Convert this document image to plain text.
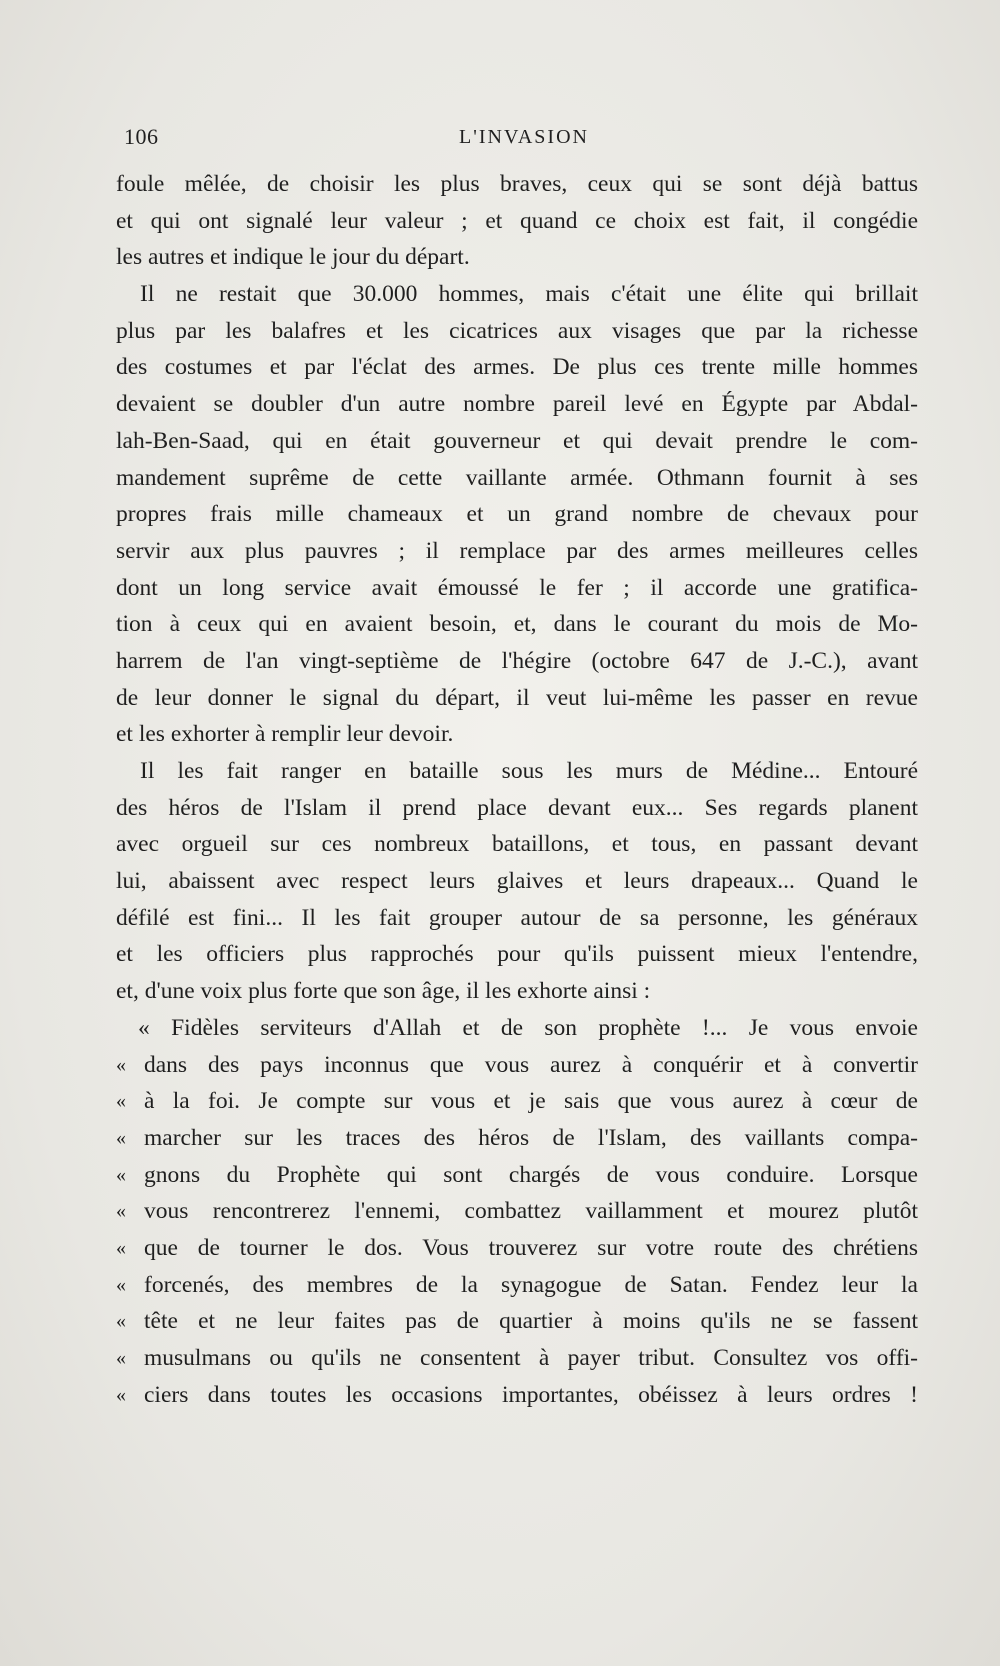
106	L'INVASION
foule mêlée, de choisir les plus braves, ceux qui se sont déjà battus
et qui ont signalé leur valeur ; et quand ce choix est fait, il congédie
les autres et indique le jour du départ.
Il ne restait que 30.000 hommes, mais c'était une élite qui brillait
plus par les balafres et les cicatrices aux visages que par la richesse
des costumes et par l'éclat des armes. De plus ces trente mille hommes
devaient se doubler d'un autre nombre pareil levé en Égypte par Abdal-
lah-Ben-Saad, qui en était gouverneur et qui devait prendre le com-
mandement suprême de cette vaillante armée. Othmann fournit à ses
propres frais mille chameaux et un grand nombre de chevaux pour
servir aux plus pauvres ; il remplace par des armes meilleures celles
dont un long service avait émoussé le fer ; il accorde une gratifica-
tion à ceux qui en avaient besoin, et, dans le courant du mois de Mo-
harrem de l'an vingt-septième de l'hégire (octobre 647 de J.-C.), avant
de leur donner le signal du départ, il veut lui-même les passer en revue
et les exhorter à remplir leur devoir.
Il les fait ranger en bataille sous les murs de Médine... Entouré
des héros de l'Islam il prend place devant eux... Ses regards planent
avec orgueil sur ces nombreux bataillons, et tous, en passant devant
lui, abaissent avec respect leurs glaives et leurs drapeaux... Quand le
défilé est fini... Il les fait grouper autour de sa personne, les généraux
et les officiers plus rapprochés pour qu'ils puissent mieux l'entendre,
et, d'une voix plus forte que son âge, il les exhorte ainsi :
« Fidèles serviteurs d'Allah et de son prophète !... Je vous envoie
« dans des pays inconnus que vous aurez à conquérir et à convertir
« à la foi. Je compte sur vous et je sais que vous aurez à cœur de
« marcher sur les traces des héros de l'Islam, des vaillants compa-
« gnons du Prophète qui sont chargés de vous conduire. Lorsque
« vous rencontrerez l'ennemi, combattez vaillamment et mourez plutôt
« que de tourner le dos. Vous trouverez sur votre route des chrétiens
« forcenés, des membres de la synagogue de Satan. Fendez leur la
« tête et ne leur faites pas de quartier à moins qu'ils ne se fassent
« musulmans ou qu'ils ne consentent à payer tribut. Consultez vos offi-
« ciers dans toutes les occasions importantes, obéissez à leurs ordres !
